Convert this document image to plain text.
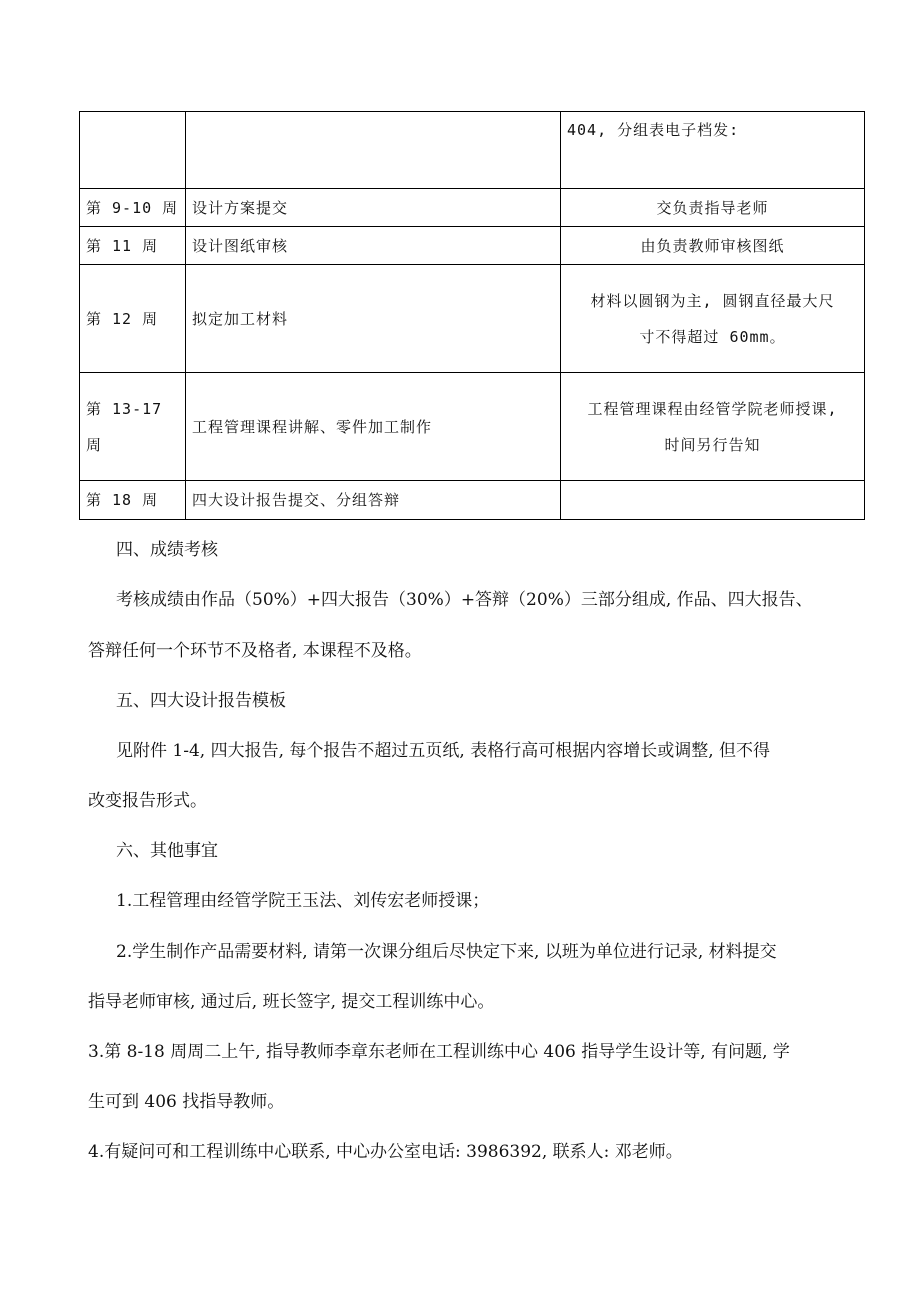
		404, 分组表电子档发:
第 9-10 周	设计方案提交	交负责指导老师
第 11 周	设计图纸审核	由负责教师审核图纸
第 12 周	拟定加工材料	材料以圆钢为主, 圆钢直径最大尺
寸不得超过 60mm。

第 13-17 周	工程管理课程讲解、零件加工制作	工程管理课程由经管学院老师授课,
时间另行告知

第 18 周	四大设计报告提交、分组答辩	

四、成绩考核

考核成绩由作品（50%）+四大报告（30%）+答辩（20%）三部分组成, 作品、四大报告、

答辩任何一个环节不及格者, 本课程不及格。

五、四大设计报告模板

见附件 1-4, 四大报告, 每个报告不超过五页纸, 表格行高可根据内容增长或调整, 但不得

改变报告形式。

六、其他事宜

1.工程管理由经管学院王玉法、刘传宏老师授课；

2.学生制作产品需要材料, 请第一次课分组后尽快定下来, 以班为单位进行记录, 材料提交

指导老师审核, 通过后, 班长签字, 提交工程训练中心。

3.第 8-18 周周二上午, 指导教师李章东老师在工程训练中心 406 指导学生设计等, 有问题, 学

生可到 406 找指导教师。

4.有疑问可和工程训练中心联系, 中心办公室电话: 3986392, 联系人: 邓老师。
